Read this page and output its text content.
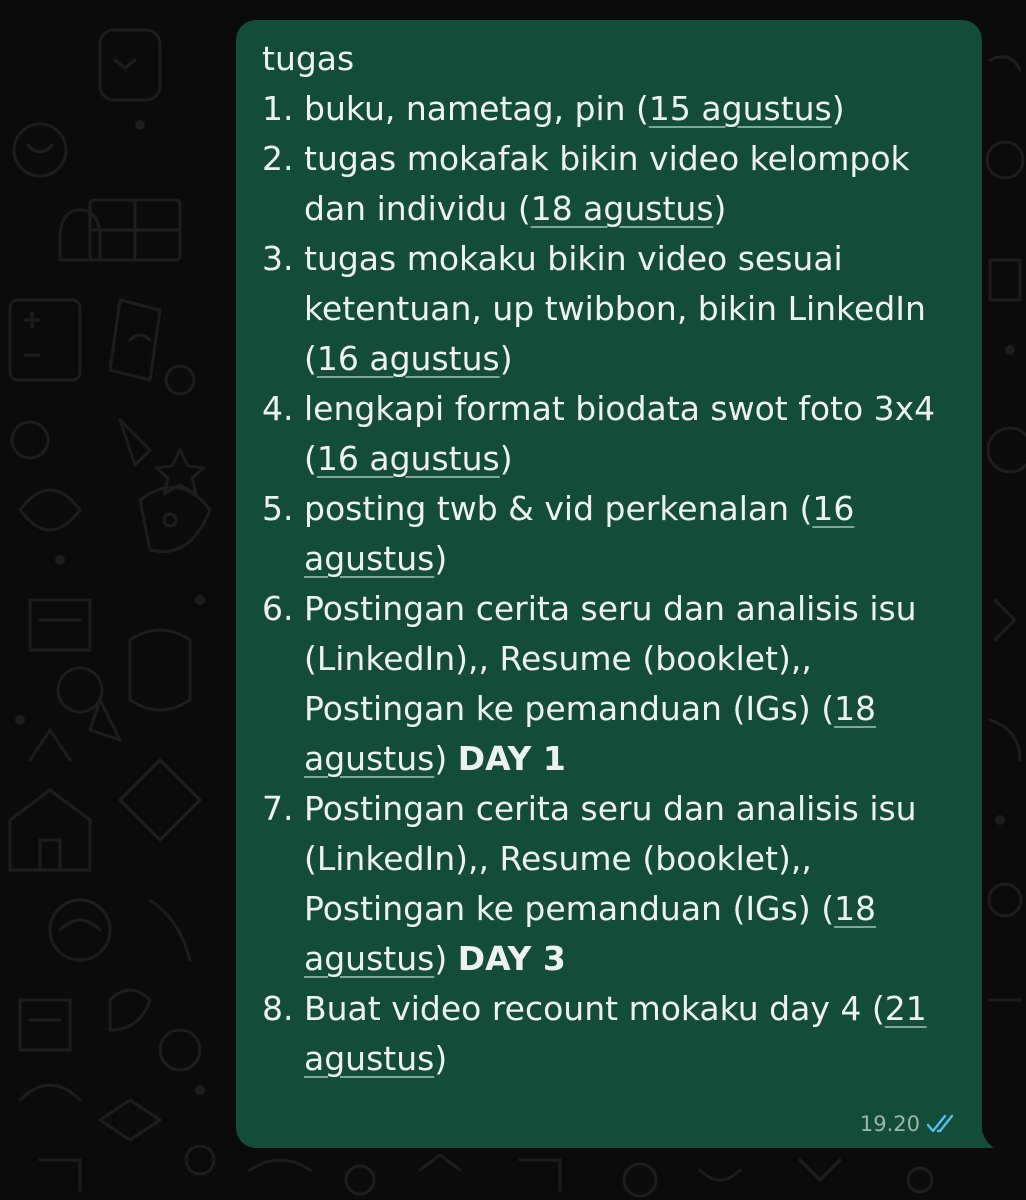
tugas
1. buku, nametag, pin (15 agustus)
2. tugas mokafak bikin video kelompok
dan individu (18 agustus)
3. tugas mokaku bikin video sesuai
ketentuan, up twibbon, bikin LinkedIn
(16 agustus)
4. lengkapi format biodata swot foto 3x4
(16 agustus)
5. posting twb & vid perkenalan (16
agustus)
6. Postingan cerita seru dan analisis isu
(LinkedIn),, Resume (booklet),,
Postingan ke pemanduan (IGs) (18
agustus) DAY 1
7. Postingan cerita seru dan analisis isu
(LinkedIn),, Resume (booklet),,
Postingan ke pemanduan (IGs) (18
agustus) DAY 3
8. Buat video recount mokaku day 4 (21
agustus)
19.20
